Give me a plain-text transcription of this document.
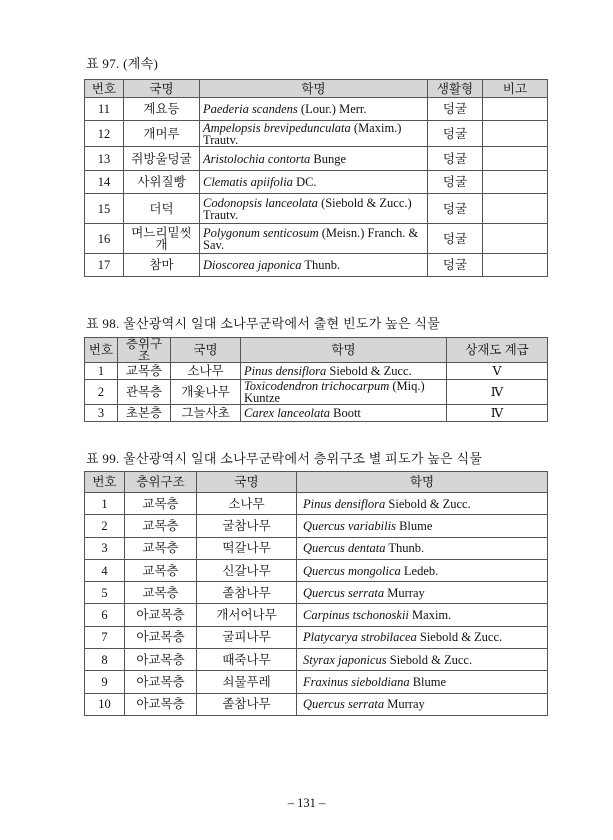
표 97. (계속)
번호	국명	학명	생활형	비고
11	계요등	Paederia scandens (Lour.) Merr.	덩굴	
12	개머루	Ampelopsis brevipedunculata (Maxim.) Trautv.	덩굴	
13	쥐방울덩굴	Aristolochia contorta Bunge	덩굴	
14	사위질빵	Clematis apiifolia DC.	덩굴	
15	더덕	Codonopsis lanceolata (Siebold & Zucc.) Trautv.	덩굴	
16	며느리밑씻개	Polygonum senticosum (Meisn.) Franch. & Sav.	덩굴	
17	참마	Dioscorea japonica Thunb.	덩굴	
표 98. 울산광역시 일대 소나무군락에서 출현 빈도가 높은 식물
번호	층위구조	국명	학명	상재도 계급
1	교목층	소나무	Pinus densiflora Siebold & Zucc.	Ⅴ
2	관목층	개옻나무	Toxicodendron trichocarpum (Miq.) Kuntze	Ⅳ
3	초본층	그늘사초	Carex lanceolata Boott	Ⅳ
표 99. 울산광역시 일대 소나무군락에서 층위구조 별 피도가 높은 식물
번호	층위구조	국명	학명
1	교목층	소나무	Pinus densiflora Siebold & Zucc.
2	교목층	굴참나무	Quercus variabilis Blume
3	교목층	떡갈나무	Quercus dentata Thunb.
4	교목층	신갈나무	Quercus mongolica Ledeb.
5	교목층	졸참나무	Quercus serrata Murray
6	아교목층	개서어나무	Carpinus tschonoskii Maxim.
7	아교목층	굴피나무	Platycarya strobilacea Siebold & Zucc.
8	아교목층	때죽나무	Styrax japonicus Siebold & Zucc.
9	아교목층	쇠물푸레	Fraxinus sieboldiana Blume
10	아교목층	졸참나무	Quercus serrata Murray
– 131 –
